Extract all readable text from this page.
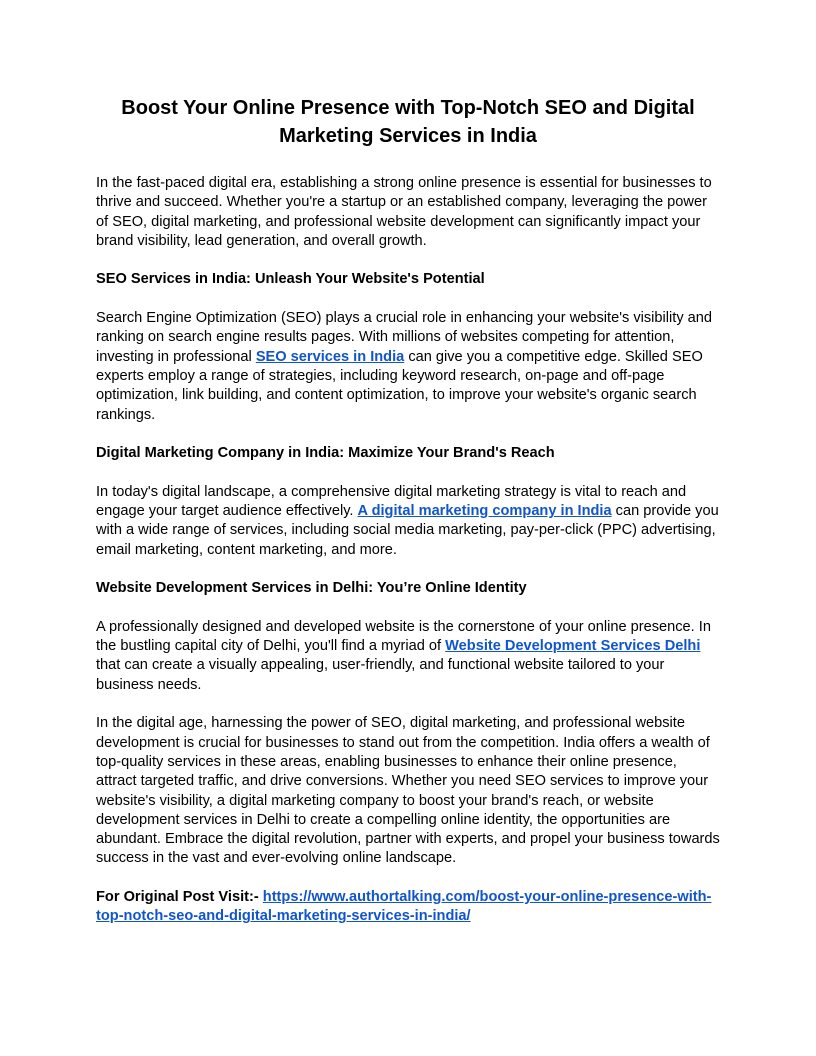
Boost Your Online Presence with Top-Notch SEO and Digital Marketing Services in India

In the fast-paced digital era, establishing a strong online presence is essential for businesses to thrive and succeed. Whether you're a startup or an established company, leveraging the power of SEO, digital marketing, and professional website development can significantly impact your brand visibility, lead generation, and overall growth.

SEO Services in India: Unleash Your Website's Potential

Search Engine Optimization (SEO) plays a crucial role in enhancing your website's visibility and ranking on search engine results pages. With millions of websites competing for attention, investing in professional SEO services in India can give you a competitive edge. Skilled SEO experts employ a range of strategies, including keyword research, on-page and off-page optimization, link building, and content optimization, to improve your website's organic search rankings.

Digital Marketing Company in India: Maximize Your Brand's Reach

In today's digital landscape, a comprehensive digital marketing strategy is vital to reach and engage your target audience effectively. A digital marketing company in India can provide you with a wide range of services, including social media marketing, pay-per-click (PPC) advertising, email marketing, content marketing, and more.

Website Development Services in Delhi: You’re Online Identity

A professionally designed and developed website is the cornerstone of your online presence. In the bustling capital city of Delhi, you'll find a myriad of Website Development Services Delhi that can create a visually appealing, user-friendly, and functional website tailored to your business needs.

In the digital age, harnessing the power of SEO, digital marketing, and professional website development is crucial for businesses to stand out from the competition. India offers a wealth of top-quality services in these areas, enabling businesses to enhance their online presence, attract targeted traffic, and drive conversions. Whether you need SEO services to improve your website's visibility, a digital marketing company to boost your brand's reach, or website development services in Delhi to create a compelling online identity, the opportunities are abundant. Embrace the digital revolution, partner with experts, and propel your business towards success in the vast and ever-evolving online landscape.

For Original Post Visit:- https://www.authortalking.com/boost-your-online-presence-with-top-notch-seo-and-digital-marketing-services-in-india/
